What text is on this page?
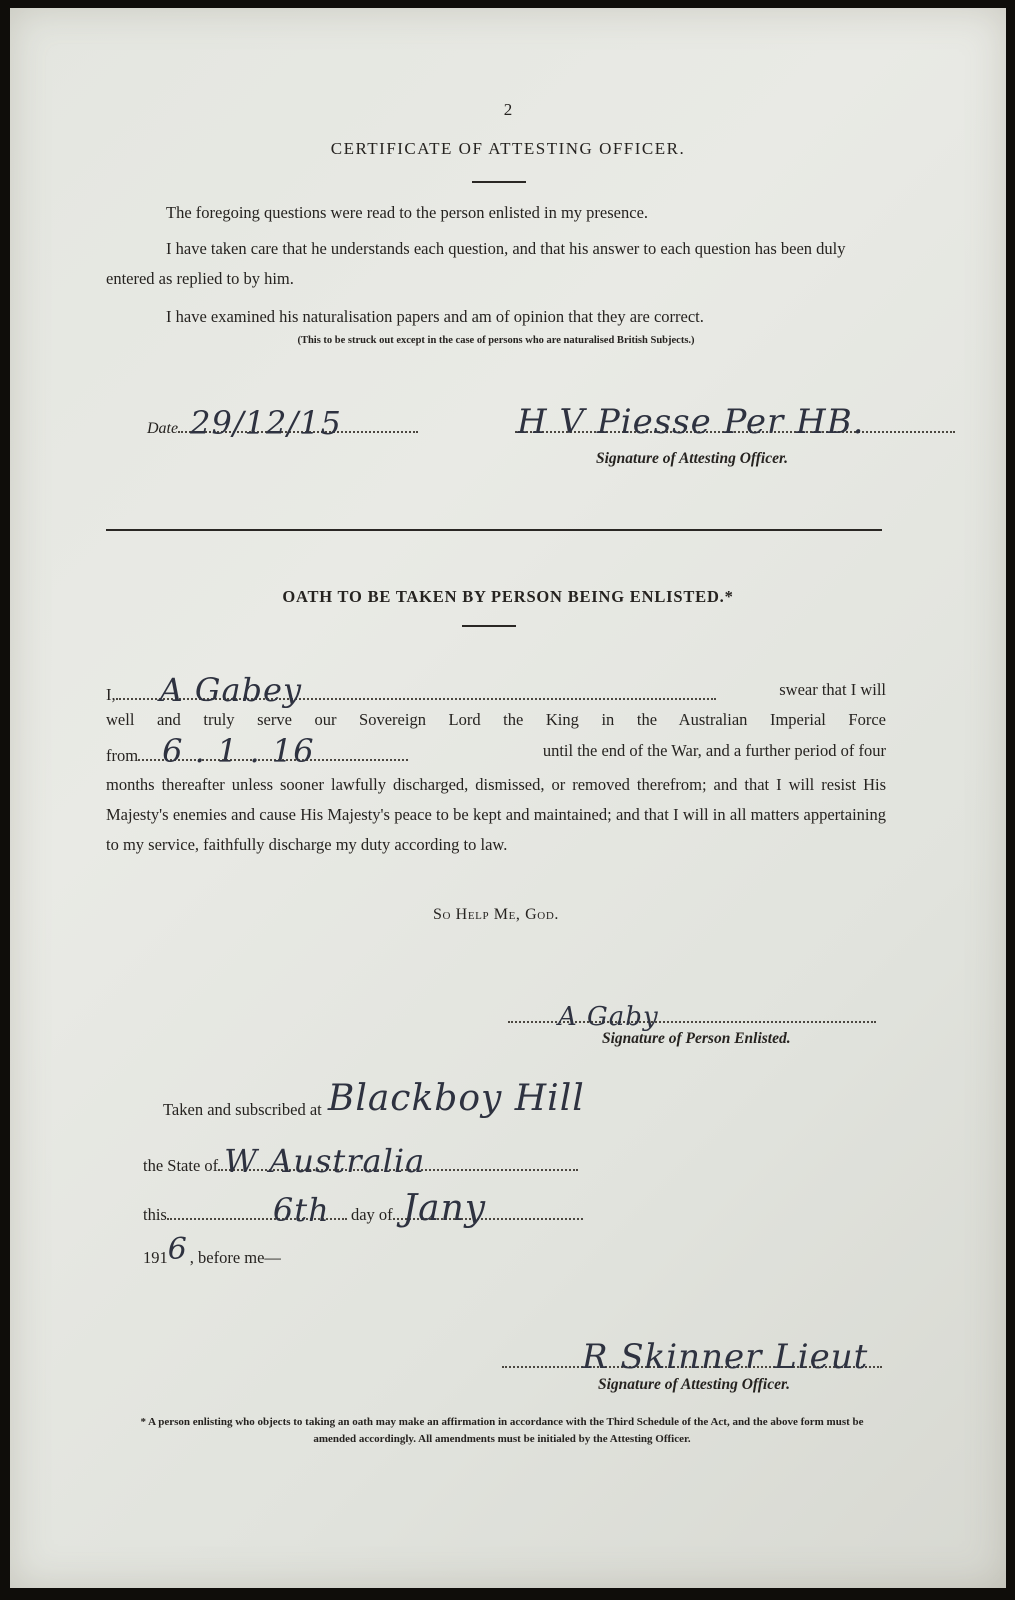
2
CERTIFICATE OF ATTESTING OFFICER.
The foregoing questions were read to the person enlisted in my presence.
I have taken care that he understands each question, and that his answer to each question has been duly entered as replied to by him.
I have examined his naturalisation papers and am of opinion that they are correct.
(This to be struck out except in the case of persons who are naturalised British Subjects.)
Date 29/12/15	H V Piesse Per HB.
Signature of Attesting Officer.
OATH TO BE TAKEN BY PERSON BEING ENLISTED.*
I, A Gabey	swear that I will
well and truly serve our Sovereign Lord the King in the Australian Imperial Force
from 6 . 1 . 16	until the end of the War, and a further period of four
months thereafter unless sooner lawfully discharged, dismissed, or removed therefrom; and that I will resist His Majesty's enemies and cause His Majesty's peace to be kept and maintained; and that I will in all matters appertaining to my service, faithfully discharge my duty according to law.
So Help Me, God.
A Gaby
Signature of Person Enlisted.
Taken and subscribed at Blackboy Hill
the State of W Australia
this	6th day of Jany
191 6 , before me—
R Skinner Lieut
Signature of Attesting Officer.
* A person enlisting who objects to taking an oath may make an affirmation in accordance with the Third Schedule of the Act, and the above form must be amended accordingly. All amendments must be initialed by the Attesting Officer.
